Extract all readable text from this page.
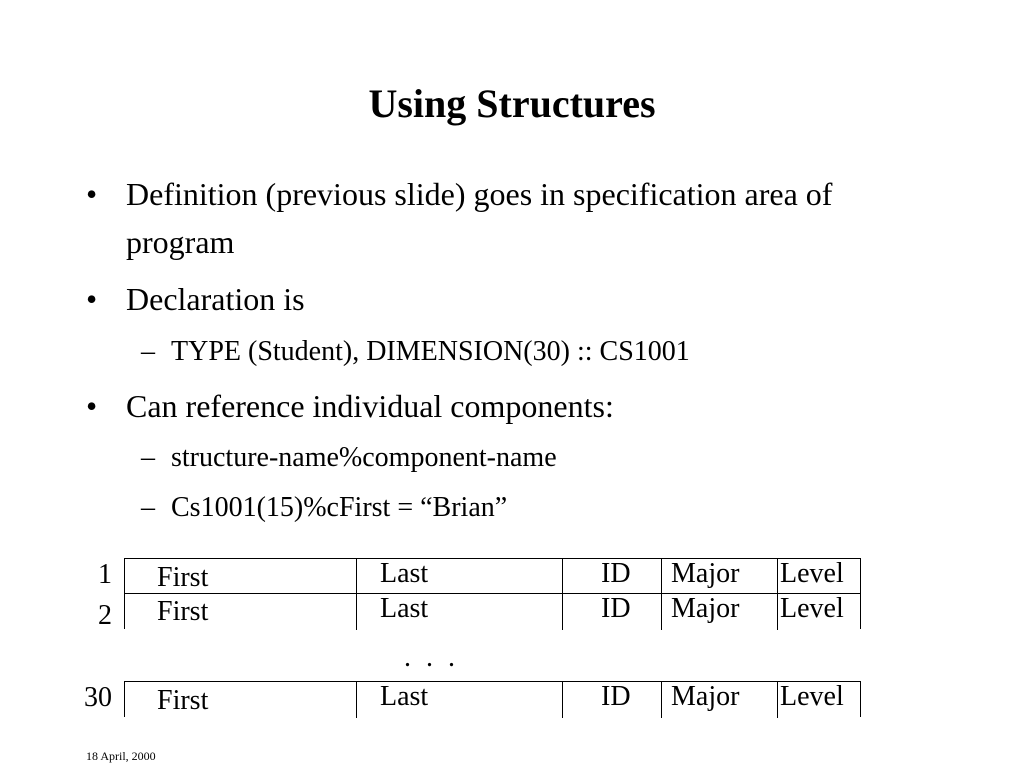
Using Structures
• Definition (previous slide) goes in specification area of program
• Declaration is
– TYPE (Student), DIMENSION(30) :: CS1001
• Can reference individual components:
– structure-name%component-name
– Cs1001(15)%cFirst = “Brian”
1 First	Last	ID Major Level
2 First	Last	ID Major Level
. . .
30 First	Last	ID Major Level
18 April, 2000
